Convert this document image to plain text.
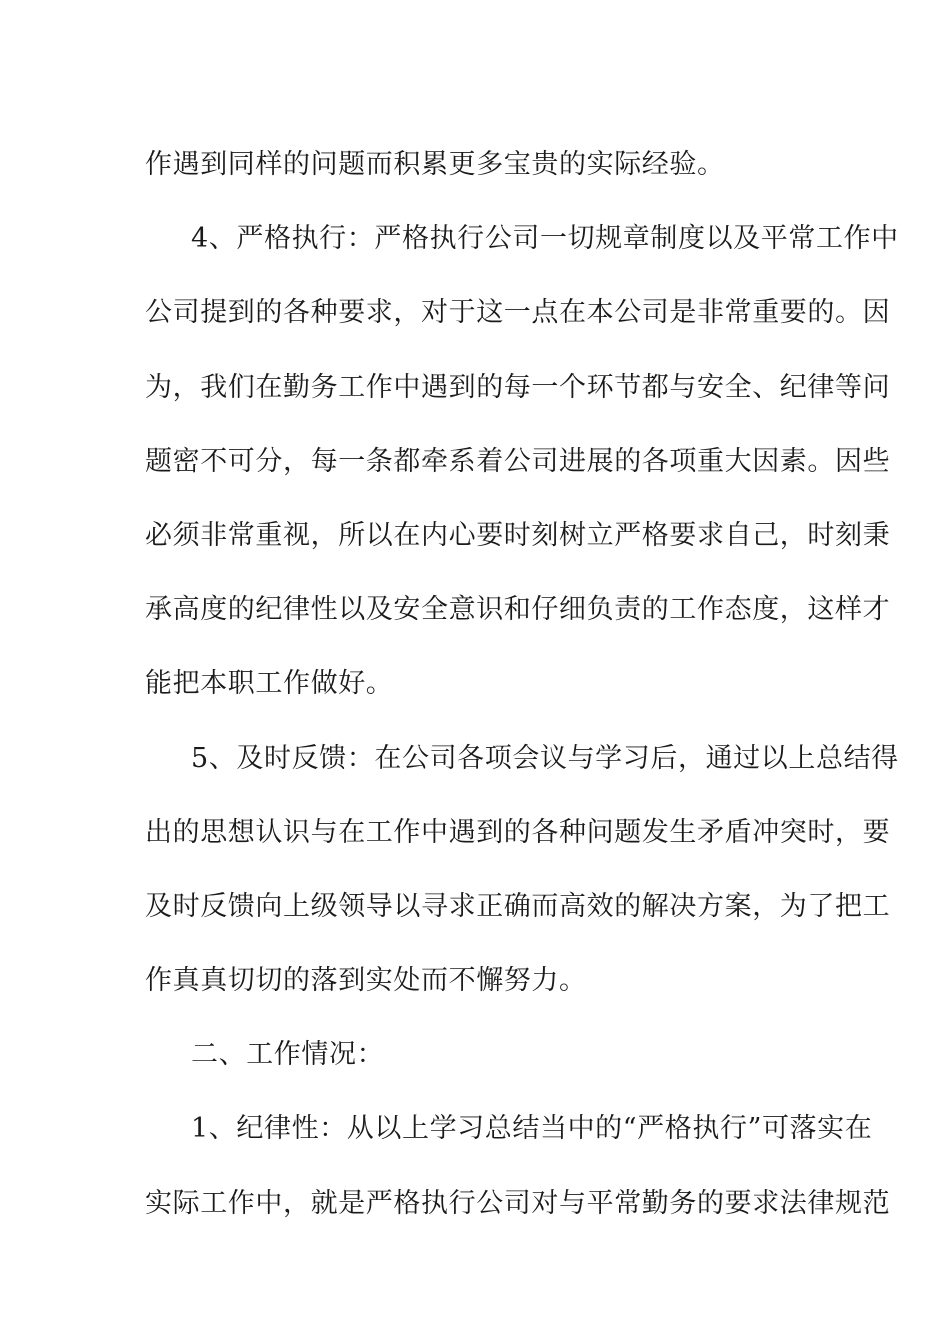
作遇到同样的问题而积累更多宝贵的实际经验。
4、严格执行：严格执行公司一切规章制度以及平常工作中
公司提到的各种要求，对于这一点在本公司是非常重要的。因
为，我们在勤务工作中遇到的每一个环节都与安全、纪律等问
题密不可分，每一条都牵系着公司进展的各项重大因素。因些
必须非常重视，所以在内心要时刻树立严格要求自己，时刻秉
承高度的纪律性以及安全意识和仔细负责的工作态度，这样才
能把本职工作做好。
5、及时反馈：在公司各项会议与学习后，通过以上总结得
出的思想认识与在工作中遇到的各种问题发生矛盾冲突时，要
及时反馈向上级领导以寻求正确而高效的解决方案，为了把工
作真真切切的落到实处而不懈努力。
二、工作情况：
1、纪律性：从以上学习总结当中的“严格执行”可落实在
实际工作中，就是严格执行公司对与平常勤务的要求法律规范
